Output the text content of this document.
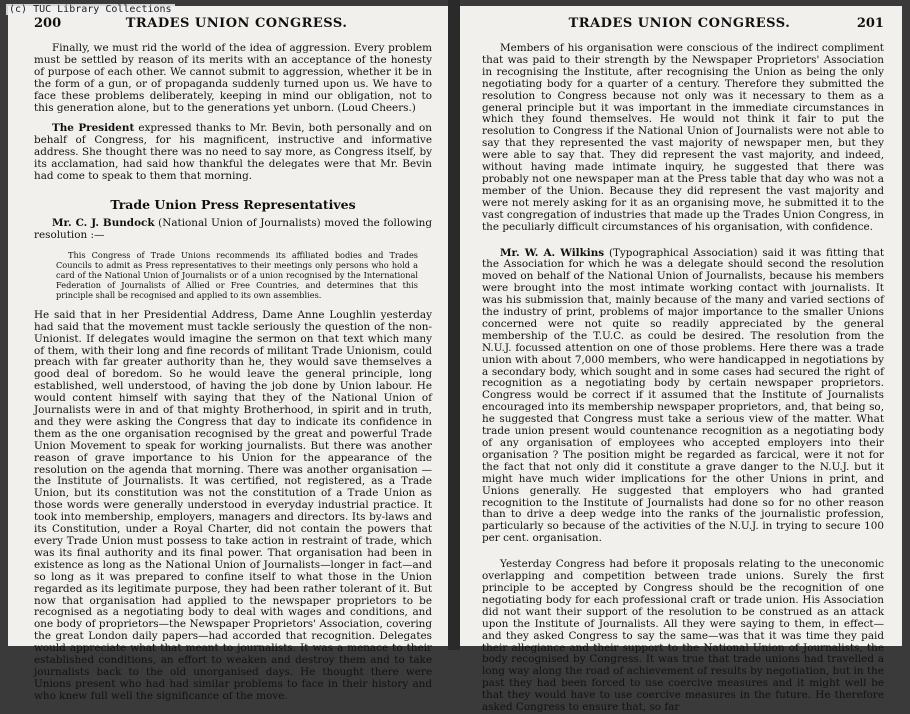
(c) TUC Library Collections
200	TRADES UNION CONGRESS.

Finally, we must rid the world of the idea of aggression. Every problem must be settled by reason of its merits with an acceptance of the honesty of purpose of each other. We cannot submit to aggression, whether it be in the form of a gun, or of propaganda suddenly turned upon us. We have to face these problems deliberately, keeping in mind our obligation, not to this generation alone, but to the generations yet unborn. (Loud Cheers.)

The President expressed thanks to Mr. Bevin, both personally and on behalf of Congress, for his magnificent, instructive and informative address. She thought there was no need to say more, as Congress itself, by its acclamation, had said how thankful the delegates were that Mr. Bevin had come to speak to them that morning.

Trade Union Press Representatives

Mr. C. J. Bundock (National Union of Journalists) moved the following resolution :—

This Congress of Trade Unions recommends its affiliated bodies and Trades Councils to admit as Press representatives to their meetings only persons who hold a card of the National Union of Journalists or of a union recognised by the International Federation of Journalists of Allied or Free Countries, and determines that this principle shall be recognised and applied to its own assemblies.

He said that in her Presidential Address, Dame Anne Loughlin yesterday had said that the movement must tackle seriously the question of the non-Unionist. If delegates would imagine the sermon on that text which many of them, with their long and fine records of militant Trade Unionism, could preach with far greater authority than he, they would save themselves a good deal of boredom. So he would leave the general principle, long established, well understood, of having the job done by Union labour. He would content himself with saying that they of the National Union of Journalists were in and of that mighty Brotherhood, in spirit and in truth, and they were asking the Congress that day to indicate its confidence in them as the one organisation recognised by the great and powerful Trade Union Movement to speak for working journalists. But there was another reason of grave importance to his Union for the appearance of the resolution on the agenda that morning. There was another organisation —the Institute of Journalists. It was certified, not registered, as a Trade Union, but its constitution was not the constitution of a Trade Union as those words were generally understood in everyday industrial practice. It took into membership, employers, managers and directors. Its by-laws and its Constitution, under a Royal Charter, did not contain the powers that every Trade Union must possess to take action in restraint of trade, which was its final authority and its final power. That organisation had been in existence as long as the National Union of Journalists—longer in fact—and so long as it was prepared to confine itself to what those in the Union regarded as its legitimate purpose, they had been rather tolerant of it. But now that organisation had applied to the newspaper proprietors to be recognised as a negotiating body to deal with wages and conditions, and one body of proprietors—the Newspaper Proprietors' Association, covering the great London daily papers—had accorded that recognition. Delegates would appreciate what that meant to journalists. It was a menace to their established conditions, an effort to weaken and destroy them and to take journalists back to the old unorganised days. He thought there were Unions present who had had similar problems to face in their history and who knew full well the significance of the move.

TRADES UNION CONGRESS.	201

Members of his organisation were conscious of the indirect compliment that was paid to their strength by the Newspaper Proprietors' Association in recognising the Institute, after recognising the Union as being the only negotiating body for a quarter of a century. Therefore they submitted the resolution to Congress because not only was it necessary to them as a general principle but it was important in the immediate circumstances in which they found themselves. He would not think it fair to put the resolution to Congress if the National Union of Journalists were not able to say that they represented the vast majority of newspaper men, but they were able to say that. They did represent the vast majority, and indeed, without having made intimate inquiry, he suggested that there was probably not one newspaper man at the Press table that day who was not a member of the Union. Because they did represent the vast majority and were not merely asking for it as an organising move, he submitted it to the vast congregation of industries that made up the Trades Union Congress, in the peculiarly difficult circumstances of his organisation, with confidence.

Mr. W. A. Wilkins (Typographical Association) said it was fitting that the Association for which he was a delegate should second the resolution moved on behalf of the National Union of Journalists, because his members were brought into the most intimate working contact with journalists. It was his submission that, mainly because of the many and varied sections of the industry of print, problems of major importance to the smaller Unions concerned were not quite so readily appreciated by the general membership of the T.U.C. as could be desired. The resolution from the N.U.J. focussed attention on one of those problems. Here there was a trade union with about 7,000 members, who were handicapped in negotiations by a secondary body, which sought and in some cases had secured the right of recognition as a negotiating body by certain newspaper proprietors. Congress would be correct if it assumed that the Institute of Journalists encouraged into its membership newspaper proprietors, and, that being so, he suggested that Congress must take a serious view of the matter. What trade union present would countenance recognition as a negotiating body of any organisation of employees who accepted employers into their organisation ? The position might be regarded as farcical, were it not for the fact that not only did it constitute a grave danger to the N.U.J. but it might have much wider implications for the other Unions in print, and Unions generally. He suggested that employers who had granted recognition to the Institute of Journalists had done so for no other reason than to drive a deep wedge into the ranks of the journalistic profession, particularly so because of the activities of the N.U.J. in trying to secure 100 per cent. organisation.

Yesterday Congress had before it proposals relating to the uneconomic overlapping and competition between trade unions. Surely the first principle to be accepted by Congress should be the recognition of one negotiating body for each professional craft or trade union. His Association did not want their support of the resolution to be construed as an attack upon the Institute of Journalists. All they were saying to them, in effect—and they asked Congress to say the same—was that it was time they paid their allegiance and their support to the National Union of Journalists, the body recognised by Congress. It was true that trade unions had travelled a long way along the road of achievement of results by negotiation, but in the past they had been forced to use coercive measures and it might well be that they would have to use coercive measures in the future. He therefore asked Congress to ensure that, so far
